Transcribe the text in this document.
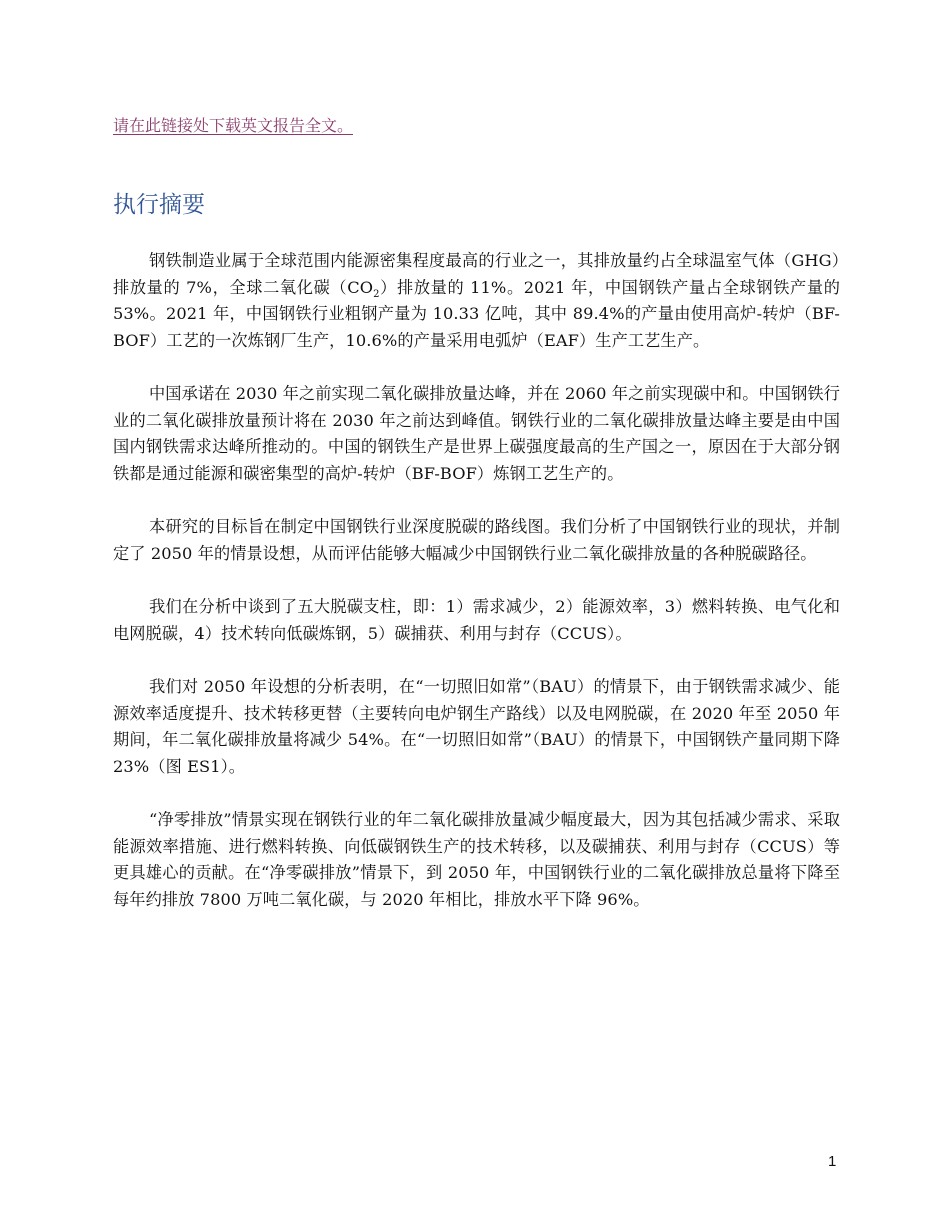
请在此链接处下载英文报告全文。
执行摘要

钢铁制造业属于全球范围内能源密集程度最高的行业之一，其排放量约占全球温室气体（GHG）排放量的 7%，全球二氧化碳$(CO_2)$排放量的 11%。2021 年，中国钢铁产量占全球钢铁产量的 53%。2021 年，中国钢铁行业粗钢产量为 10.33 亿吨，其中 89.4%的产量由使用高炉-转炉（BF-BOF）工艺的一次炼钢厂生产，10.6%的产量采用电弧炉（EAF）生产工艺生产。

中国承诺在 2030 年之前实现二氧化碳排放量达峰，并在 2060 年之前实现碳中和。中国钢铁行业的二氧化碳排放量预计将在 2030 年之前达到峰值。钢铁行业的二氧化碳排放量达峰主要是由中国国内钢铁需求达峰所推动的。中国的钢铁生产是世界上碳强度最高的生产国之一，原因在于大部分钢铁都是通过能源和碳密集型的高炉-转炉（BF-BOF）炼钢工艺生产的。

本研究的目标旨在制定中国钢铁行业深度脱碳的路线图。我们分析了中国钢铁行业的现状，并制定了 2050 年的情景设想，从而评估能够大幅减少中国钢铁行业二氧化碳排放量的各种脱碳路径。

我们在分析中谈到了五大脱碳支柱，即：1）需求减少，2）能源效率，3）燃料转换、电气化和电网脱碳，4）技术转向低碳炼钢，5）碳捕获、利用与封存（CCUS）。

我们对 2050 年设想的分析表明，在“一切照旧如常”（BAU）的情景下，由于钢铁需求减少、能源效率适度提升、技术转移更替（主要转向电炉钢生产路线）以及电网脱碳，在 2020 年至 2050 年期间，年二氧化碳排放量将减少 54%。在“一切照旧如常”（BAU）的情景下，中国钢铁产量同期下降 23%（图 ES1）。

“净零排放”情景实现在钢铁行业的年二氧化碳排放量减少幅度最大，因为其包括减少需求、采取能源效率措施、进行燃料转换、向低碳钢铁生产的技术转移，以及碳捕获、利用与封存（CCUS）等更具雄心的贡献。在“净零碳排放”情景下，到 2050 年，中国钢铁行业的二氧化碳排放总量将下降至每年约排放 7800 万吨二氧化碳，与 2020 年相比，排放水平下降 96%。

1
